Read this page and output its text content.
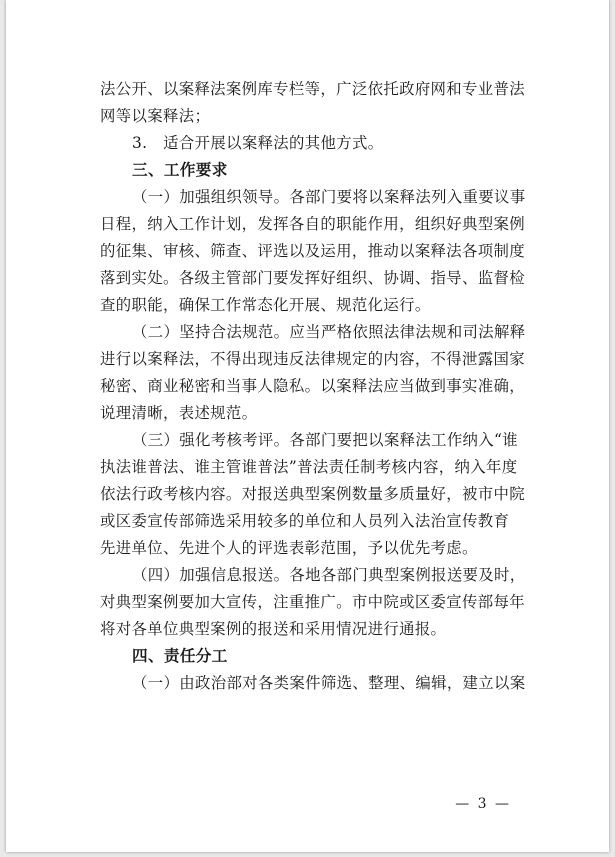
法公开、以案释法案例库专栏等，广泛依托政府网和专业普法
网等以案释法；
3.　适合开展以案释法的其他方式。
三、工作要求
（一）加强组织领导。各部门要将以案释法列入重要议事
日程，纳入工作计划，发挥各自的职能作用，组织好典型案例
的征集、审核、筛查、评选以及运用，推动以案释法各项制度
落到实处。各级主管部门要发挥好组织、协调、指导、监督检
查的职能，确保工作常态化开展、规范化运行。
（二）坚持合法规范。应当严格依照法律法规和司法解释
进行以案释法，不得出现违反法律规定的内容，不得泄露国家
秘密、商业秘密和当事人隐私。以案释法应当做到事实准确，
说理清晰，表述规范。
（三）强化考核考评。各部门要把以案释法工作纳入“谁
执法谁普法、谁主管谁普法”普法责任制考核内容，纳入年度
依法行政考核内容。对报送典型案例数量多质量好，被市中院
或区委宣传部筛选采用较多的单位和人员列入法治宣传教育
先进单位、先进个人的评选表彰范围，予以优先考虑。
（四）加强信息报送。各地各部门典型案例报送要及时，
对典型案例要加大宣传，注重推广。市中院或区委宣传部每年
将对各单位典型案例的报送和采用情况进行通报。
四、责任分工
（一）由政治部对各类案件筛选、整理、编辑，建立以案
— 3 —
